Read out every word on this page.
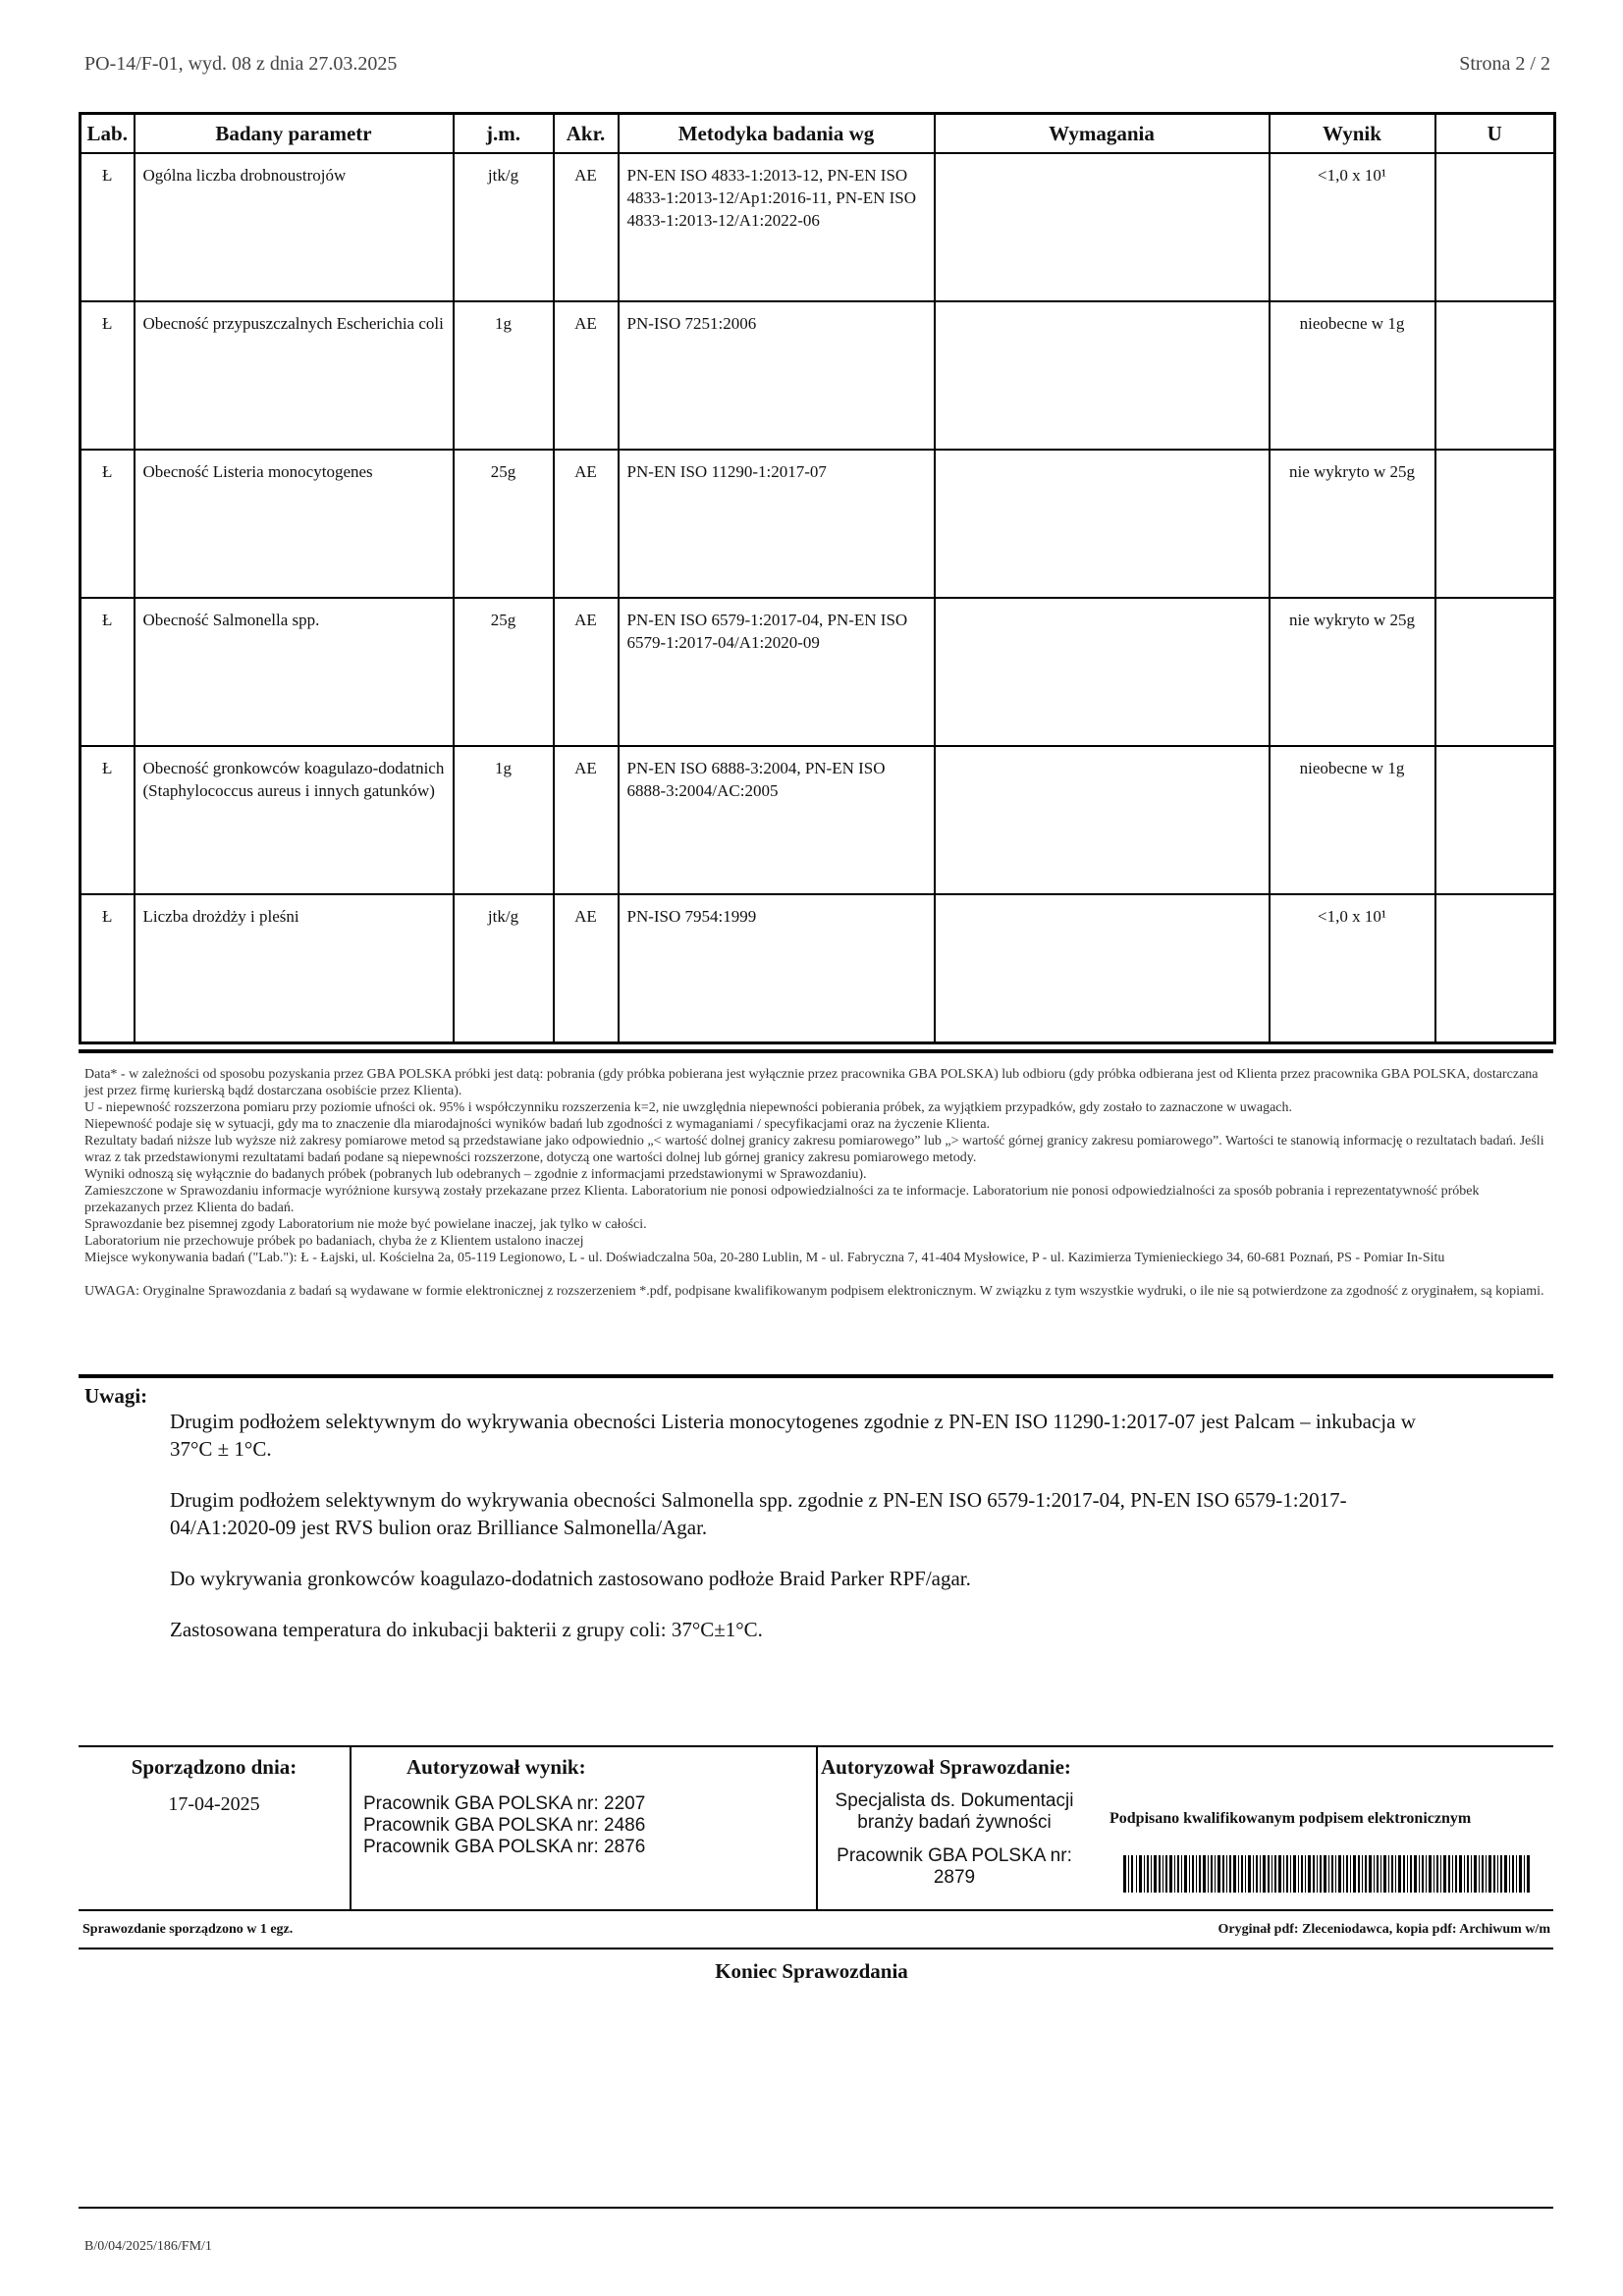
PO-14/F-01, wyd. 08 z dnia 27.03.2025	Strona 2 / 2
Lab.	Badany parametr	j.m.	Akr.	Metodyka badania wg	Wymagania	Wynik	U
Ł	Ogólna liczba drobnoustrojów	jtk/g	AE	PN-EN ISO 4833-1:2013-12, PN-EN ISO 4833-1:2013-12/Ap1:2016-11, PN-EN ISO 4833-1:2013-12/A1:2022-06		<1,0 x 10¹	
Ł	Obecność przypuszczalnych Escherichia coli	1g	AE	PN-ISO 7251:2006		nieobecne w 1g	
Ł	Obecność Listeria monocytogenes	25g	AE	PN-EN ISO 11290-1:2017-07		nie wykryto w 25g	
Ł	Obecność Salmonella spp.	25g	AE	PN-EN ISO 6579-1:2017-04, PN-EN ISO 6579-1:2017-04/A1:2020-09		nie wykryto w 25g	
Ł	Obecność gronkowców koagulazo-dodatnich (Staphylococcus aureus i innych gatunków)	1g	AE	PN-EN ISO 6888-3:2004, PN-EN ISO 6888-3:2004/AC:2005		nieobecne w 1g	
Ł	Liczba drożdży i pleśni	jtk/g	AE	PN-ISO 7954:1999		<1,0 x 10¹	

Data* - w zależności od sposobu pozyskania przez GBA POLSKA próbki jest datą: pobrania (gdy próbka pobierana jest wyłącznie przez pracownika GBA POLSKA) lub odbioru (gdy próbka odbierana jest od Klienta przez pracownika GBA POLSKA, dostarczana jest przez firmę kurierską bądź dostarczana osobiście przez Klienta).

U - niepewność rozszerzona pomiaru przy poziomie ufności ok. 95% i współczynniku rozszerzenia k=2, nie uwzględnia niepewności pobierania próbek, za wyjątkiem przypadków, gdy zostało to zaznaczone w uwagach.

Niepewność podaje się w sytuacji, gdy ma to znaczenie dla miarodajności wyników badań lub zgodności z wymaganiami / specyfikacjami oraz na życzenie Klienta.

Rezultaty badań niższe lub wyższe niż zakresy pomiarowe metod są przedstawiane jako odpowiednio „< wartość dolnej granicy zakresu pomiarowego” lub „> wartość górnej granicy zakresu pomiarowego”. Wartości te stanowią informację o rezultatach badań. Jeśli wraz z tak przedstawionymi rezultatami badań podane są niepewności rozszerzone, dotyczą one wartości dolnej lub górnej granicy zakresu pomiarowego metody.

Wyniki odnoszą się wyłącznie do badanych próbek (pobranych lub odebranych – zgodnie z informacjami przedstawionymi w Sprawozdaniu).

Zamieszczone w Sprawozdaniu informacje wyróżnione kursywą zostały przekazane przez Klienta. Laboratorium nie ponosi odpowiedzialności za te informacje. Laboratorium nie ponosi odpowiedzialności za sposób pobrania i reprezentatywność próbek przekazanych przez Klienta do badań.

Sprawozdanie bez pisemnej zgody Laboratorium nie może być powielane inaczej, jak tylko w całości.

Laboratorium nie przechowuje próbek po badaniach, chyba że z Klientem ustalono inaczej

Miejsce wykonywania badań ("Lab."): Ł - Łajski, ul. Kościelna 2a, 05-119 Legionowo, L - ul. Doświadczalna 50a, 20-280 Lublin, M - ul. Fabryczna 7, 41-404 Mysłowice, P - ul. Kazimierza Tymienieckiego 34, 60-681 Poznań, PS - Pomiar In-Situ

UWAGA: Oryginalne Sprawozdania z badań są wydawane w formie elektronicznej z rozszerzeniem *.pdf, podpisane kwalifikowanym podpisem elektronicznym. W związku z tym wszystkie wydruki, o ile nie są potwierdzone za zgodność z oryginałem, są kopiami.

Uwagi:

Drugim podłożem selektywnym do wykrywania obecności Listeria monocytogenes zgodnie z PN-EN ISO 11290-1:2017-07 jest Palcam – inkubacja w 37°C ± 1°C.

Drugim podłożem selektywnym do wykrywania obecności Salmonella spp. zgodnie z PN-EN ISO 6579-1:2017-04, PN-EN ISO 6579-1:2017-04/A1:2020-09 jest RVS bulion oraz Brilliance Salmonella/Agar.

Do wykrywania gronkowców koagulazo-dodatnich zastosowano podłoże Braid Parker RPF/agar.

Zastosowana temperatura do inkubacji bakterii z grupy coli: 37°C±1°C.

Sporządzono dnia:
17-04-2025
Autoryzował wynik:
Pracownik GBA POLSKA nr: 2207
Pracownik GBA POLSKA nr: 2486
Pracownik GBA POLSKA nr: 2876
Autoryzował Sprawozdanie:
Specjalista ds. Dokumentacji
branży badań żywności
Pracownik GBA POLSKA nr:
2879
Podpisano kwalifikowanym podpisem elektronicznym
Sprawozdanie sporządzono w 1 egz.	Oryginał pdf: Zleceniodawca, kopia pdf: Archiwum w/m
Koniec Sprawozdania
B/0/04/2025/186/FM/1
